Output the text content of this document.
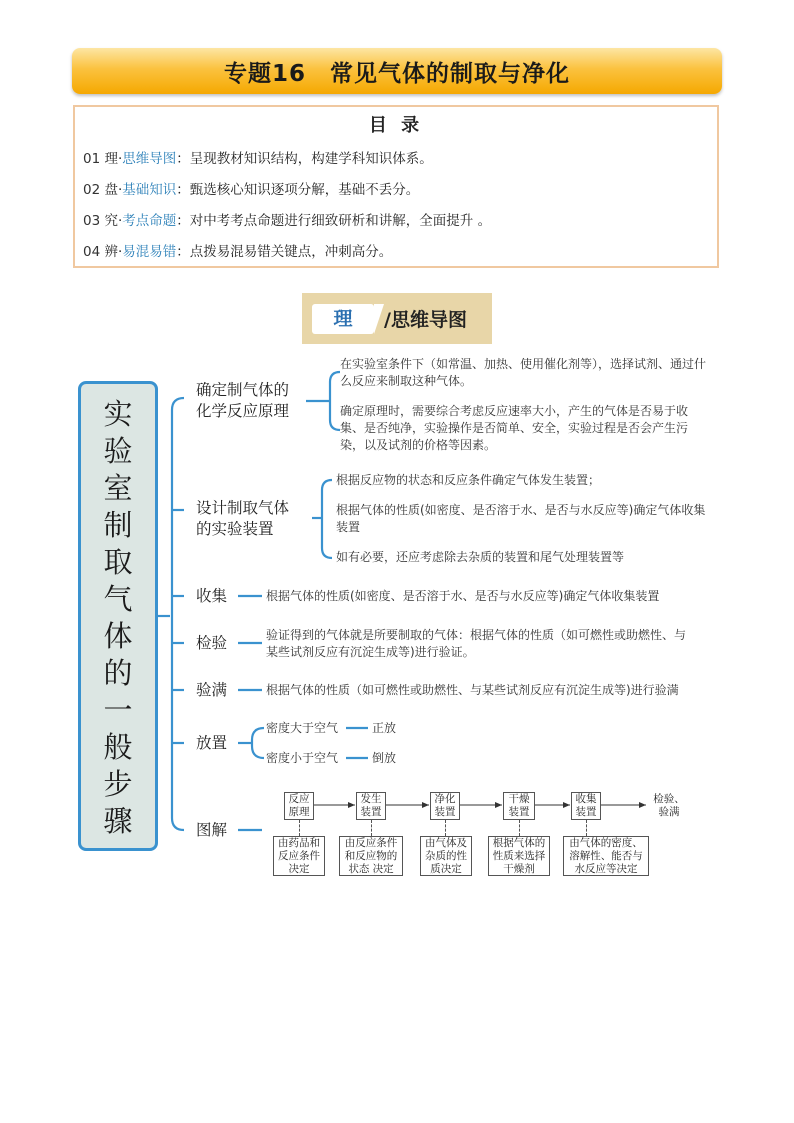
专题16　常见气体的制取与净化
目 录
01 理·思维导图：呈现教材知识结构，构建学科知识体系。
02 盘·基础知识：甄选核心知识逐项分解，基础不丢分。
03 究·考点命题：对中考考点命题进行细致研析和讲解，全面提升 。
04 辨·易混易错：点拨易混易错关键点，冲刺高分。
理	/思维导图
实
验
室
制
取
气
体
的
一
般
步
骤
确定制气体的
化学反应原理
在实验室条件下（如常温、加热、使用催化剂等），选择试剂、通过什么反应来制取这种气体。
确定原理时，需要综合考虑反应速率大小，产生的气体是否易于收集、是否纯净，实验操作是否简单、安全，实验过程是否会产生污染，以及试剂的价格等因素。
设计制取气体
的实验装置
根据反应物的状态和反应条件确定气体发生装置；
根据气体的性质(如密度、是否溶于水、是否与水反应等)确定气体收集装置
如有必要，还应考虑除去杂质的装置和尾气处理装置等
收集	根据气体的性质(如密度、是否溶于水、是否与水反应等)确定气体收集装置
检验	验证得到的气体就是所要制取的气体：根据气体的性质（如可燃性或助燃性、与某些试剂反应有沉淀生成等)进行验证。
验满	根据气体的性质（如可燃性或助燃性、与某些试剂反应有沉淀生成等)进行验满
放置
密度大于空气	正放
密度小于空气	倒放
图解
反应
原理
发生
装置
净化
装置
干燥
装置
收集
装置
检验、
验满
由药品和
反应条件
决定
由反应条件
和反应物的
状态 决定
由气体及
杂质的性
质决定
根据气体的
性质来选择
干燥剂
由气体的密度、
溶解性、能否与
水反应等决定
